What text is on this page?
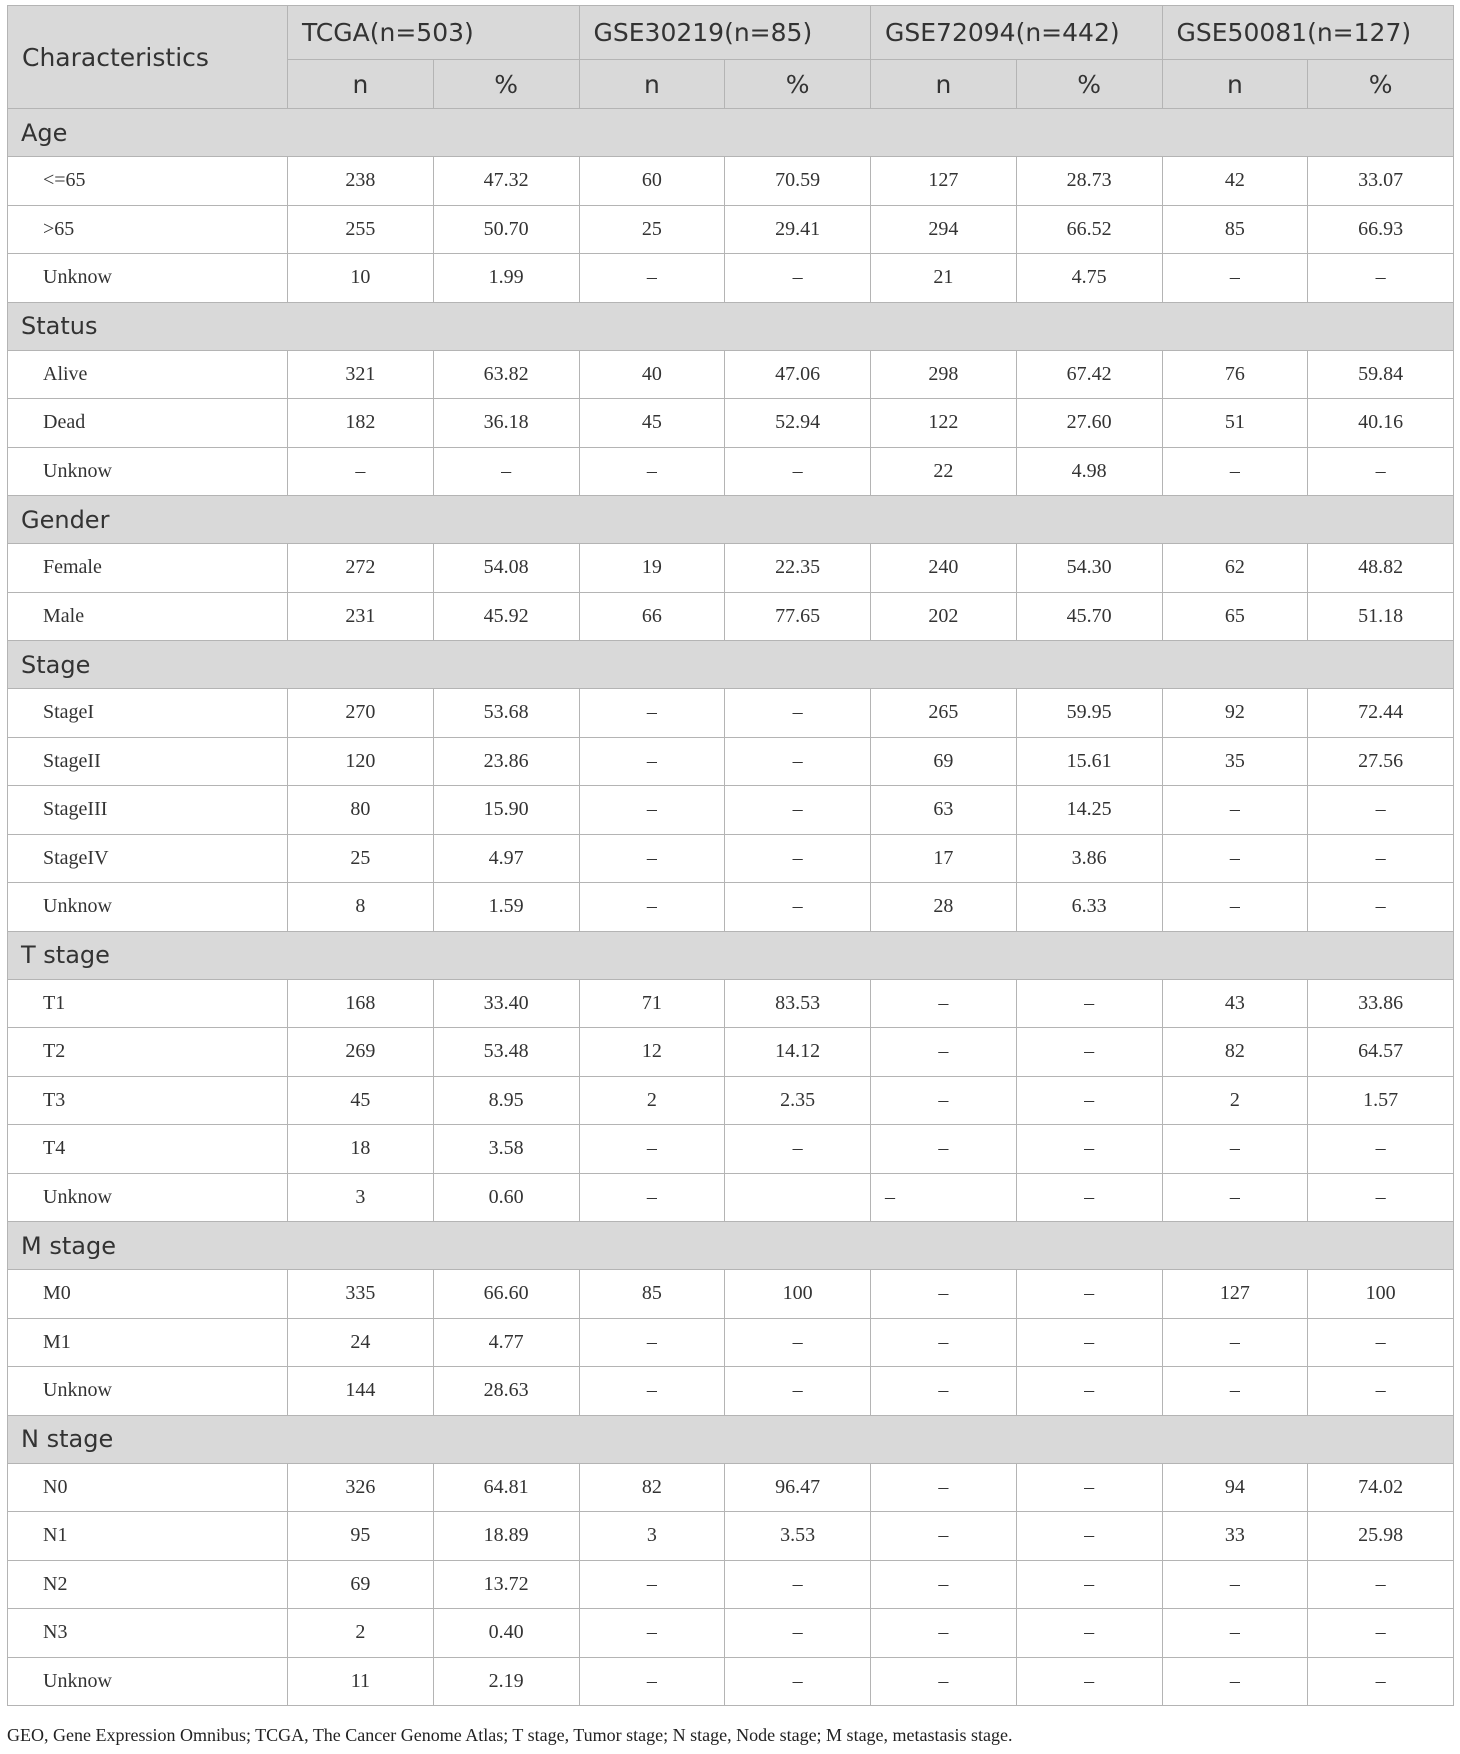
Characteristics	TCGA(n=503)		GSE30219(n=85)		GSE72094(n=442)		GSE50081(n=127)	
	n	%	n	%	n	%	n	%
Age								
<=65	238	47.32	60	70.59	127	28.73	42	33.07
>65	255	50.70	25	29.41	294	66.52	85	66.93
Unknow	10	1.99	–	–	21	4.75	–	–
Status								
Alive	321	63.82	40	47.06	298	67.42	76	59.84
Dead	182	36.18	45	52.94	122	27.60	51	40.16
Unknow	–	–	–	–	22	4.98	–	–
Gender								
Female	272	54.08	19	22.35	240	54.30	62	48.82
Male	231	45.92	66	77.65	202	45.70	65	51.18
Stage								
StageI	270	53.68	–	–	265	59.95	92	72.44
StageII	120	23.86	–	–	69	15.61	35	27.56
StageIII	80	15.90	–	–	63	14.25	–	–
StageIV	25	4.97	–	–	17	3.86	–	–
Unknow	8	1.59	–	–	28	6.33	–	–
T stage								
T1	168	33.40	71	83.53	–	–	43	33.86
T2	269	53.48	12	14.12	–	–	82	64.57
T3	45	8.95	2	2.35	–	–	2	1.57
T4	18	3.58	–	–	–	–	–	–
Unknow	3	0.60	–		–	–	–	–
M stage								
M0	335	66.60	85	100	–	–	127	100
M1	24	4.77	–	–	–	–	–	–
Unknow	144	28.63	–	–	–	–	–	–
N stage								
N0	326	64.81	82	96.47	–	–	94	74.02
N1	95	18.89	3	3.53	–	–	33	25.98
N2	69	13.72	–	–	–	–	–	–
N3	2	0.40	–	–	–	–	–	–
Unknow	11	2.19	–	–	–	–	–	–
GEO, Gene Expression Omnibus; TCGA, The Cancer Genome Atlas; T stage, Tumor stage; N stage, Node stage; M stage, metastasis stage.
